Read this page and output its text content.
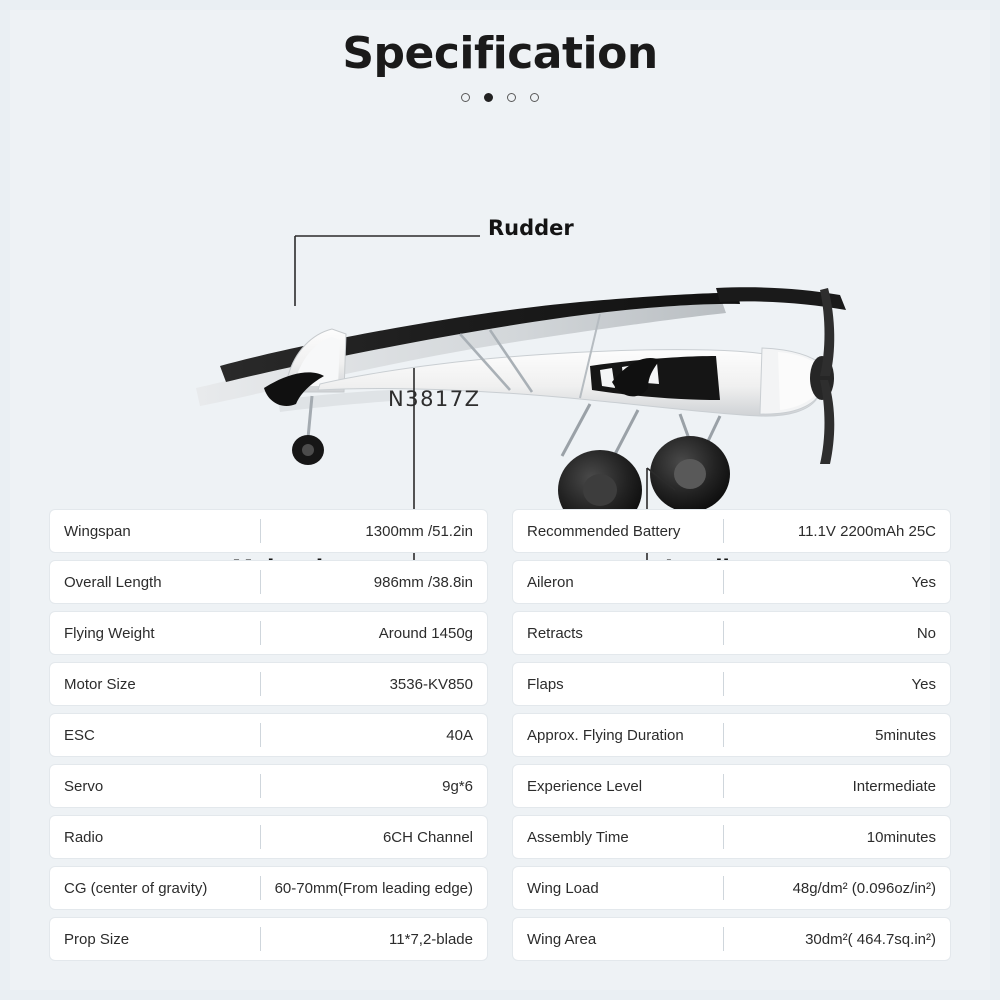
Specification
N3817Z
Rudder
Wingspan	1300mm /51.2in
Overall Length	986mm /38.8in
Flying Weight	Around 1450g
Motor Size	3536-KV850
ESC	40A
Servo	9g*6
Radio	6CH Channel
CG (center of gravity)	60-70mm(From leading edge)
Prop Size	11*7,2-blade
Recommended Battery	11.1V 2200mAh 25C
Aileron	Yes
Retracts	No
Flaps	Yes
Approx. Flying Duration	5minutes
Experience Level	Intermediate
Assembly Time	10minutes
Wing Load	48g/dm² (0.096oz/in²)
Wing Area	30dm²( 464.7sq.in²)
